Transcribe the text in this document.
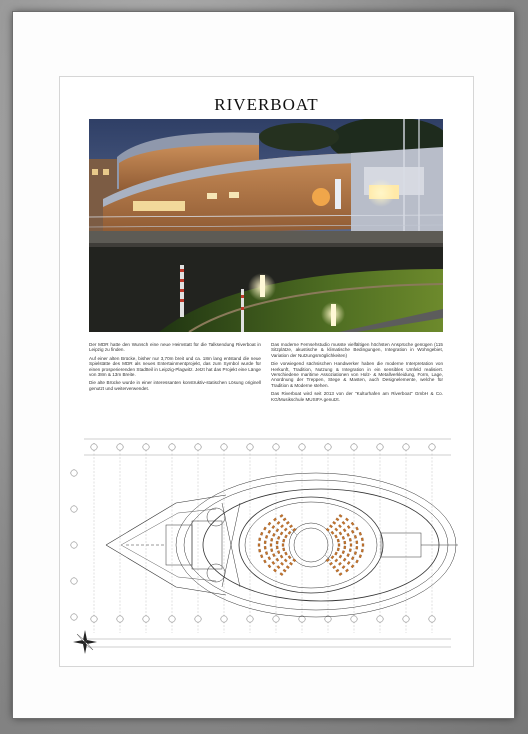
RIVERBOAT

Der MDR hatte den Wunsch eine neue Heimstatt für die Talksendung Riverboat in Leipzig zu finden.

Auf einer alten Brücke, bisher nur 3,70m breit und ca. 18m lang entstand die neue Spielstätte des MDR als neues Entertainmentprojekt, das zum Symbol wurde für einen prosperierenden Stadtteil in Leipzig-Plagwitz. Jetzt hat das Projekt eine Länge von 38m & 13m Breite.

Die alte Brücke wurde in einer interessanten konstruktiv-statischen Lösung originell genutzt und weiterverwendet.

Das moderne Fernsehstudio musste vielfältigen höchsten Ansprüche genügen (115 Sitzplätze, akustische & klimatische Bedingungen, Integration in Wohngebiet, Variation der Nutzungsmöglichkeiten)

Die vorwiegend sächsischen Handwerker haben die moderne Interpretation von Herkunft, Tradition, Nutzung & Integration in ein sensibles Umfeld realisiert. Verschiedene maritime Assoziationen von Holz- & Metallverkleidung, Form, Lage, Anordnung der Treppen, Stege & Masten, auch Designelemente, welche für Tradition & Moderne stehen.

Das Riverboat wird seit 2013 von der "Kulturhafen am Riverboat" GmbH & Co. KG/Musikschule MUSIFA genutzt.
